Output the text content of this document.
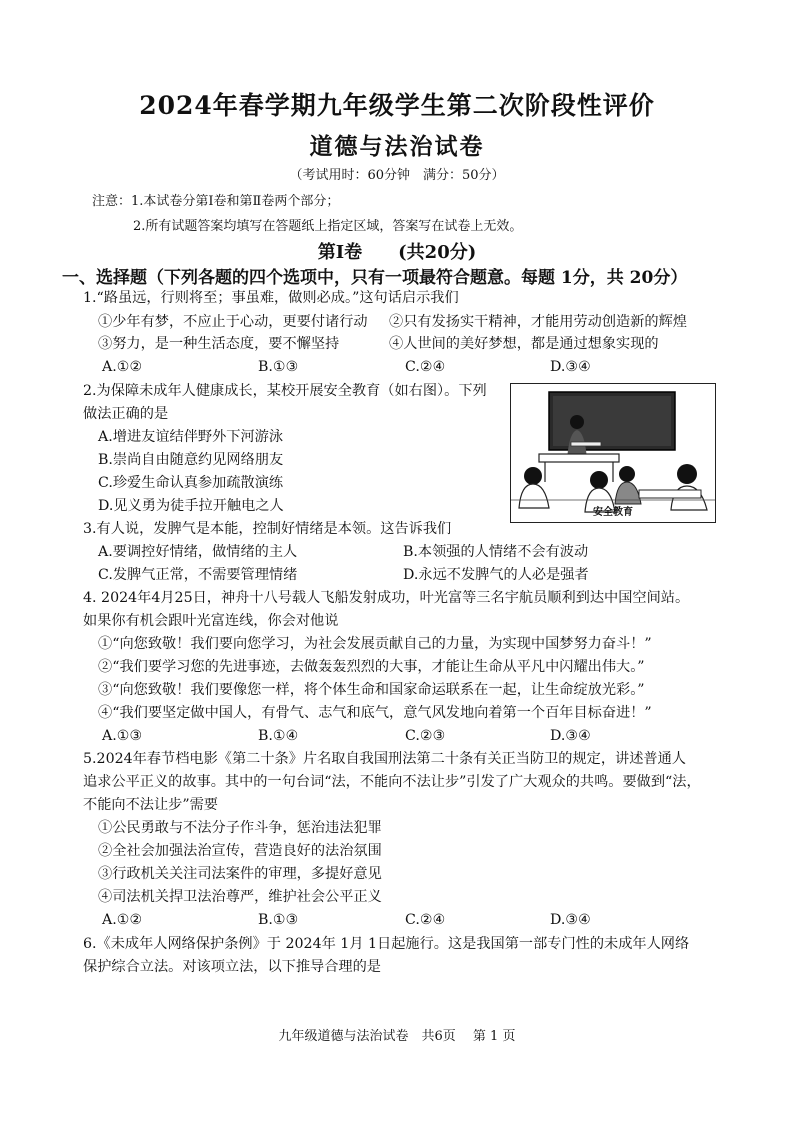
2024年春学期九年级学生第二次阶段性评价
道德与法治试卷
（考试用时：60分钟　满分：50分）
注意：1.本试卷分第Ⅰ卷和第Ⅱ卷两个部分；
2.所有试题答案均填写在答题纸上指定区域，答案写在试卷上无效。
第Ⅰ卷　　(共20分)
一、选择题（下列各题的四个选项中，只有一项最符合题意。每题 1分，共 20分）
1.“路虽远，行则将至；事虽难，做则必成。”这句话启示我们
①少年有梦，不应止于心动，更要付诸行动 ②只有发扬实干精神，才能用劳动创造新的辉煌
③努力，是一种生活态度，要不懈坚持	④人世间的美好梦想，都是通过想象实现的
A.①②	B.①③	C.②④	D.③④
2.为保障未成年人健康成长，某校开展安全教育（如右图）。下列
做法正确的是
A.增进友谊结伴野外下河游泳
B.崇尚自由随意约见网络朋友
C.珍爱生命认真参加疏散演练
D.见义勇为徒手拉开触电之人	安全教育
3.有人说，发脾气是本能，控制好情绪是本领。这告诉我们
A.要调控好情绪，做情绪的主人	B.本领强的人情绪不会有波动
C.发脾气正常，不需要管理情绪	D.永远不发脾气的人必是强者
4. 2024年4月25日，神舟十八号载人飞船发射成功，叶光富等三名宇航员顺利到达中国空间站。
如果你有机会跟叶光富连线，你会对他说
①“向您致敬！我们要向您学习，为社会发展贡献自己的力量，为实现中国梦努力奋斗！”
②“我们要学习您的先进事迹，去做轰轰烈烈的大事，才能让生命从平凡中闪耀出伟大。”
③“向您致敬！我们要像您一样，将个体生命和国家命运联系在一起，让生命绽放光彩。”
④“我们要坚定做中国人，有骨气、志气和底气，意气风发地向着第一个百年目标奋进！”
A.①③	B.①④	C.②③	D.③④
5.2024年春节档电影《第二十条》片名取自我国刑法第二十条有关正当防卫的规定，讲述普通人
追求公平正义的故事。其中的一句台词“法，不能向不法让步”引发了广大观众的共鸣。要做到“法，
不能向不法让步”需要
①公民勇敢与不法分子作斗争，惩治违法犯罪
②全社会加强法治宣传，营造良好的法治氛围
③行政机关关注司法案件的审理，多提好意见
④司法机关捍卫法治尊严，维护社会公平正义
A.①②	B.①③	C.②④	D.③④
6.《未成年人网络保护条例》于 2024年 1月 1日起施行。这是我国第一部专门性的未成年人网络
保护综合立法。对该项立法，以下推导合理的是
九年级道德与法治试卷　共6页　 第 1 页
